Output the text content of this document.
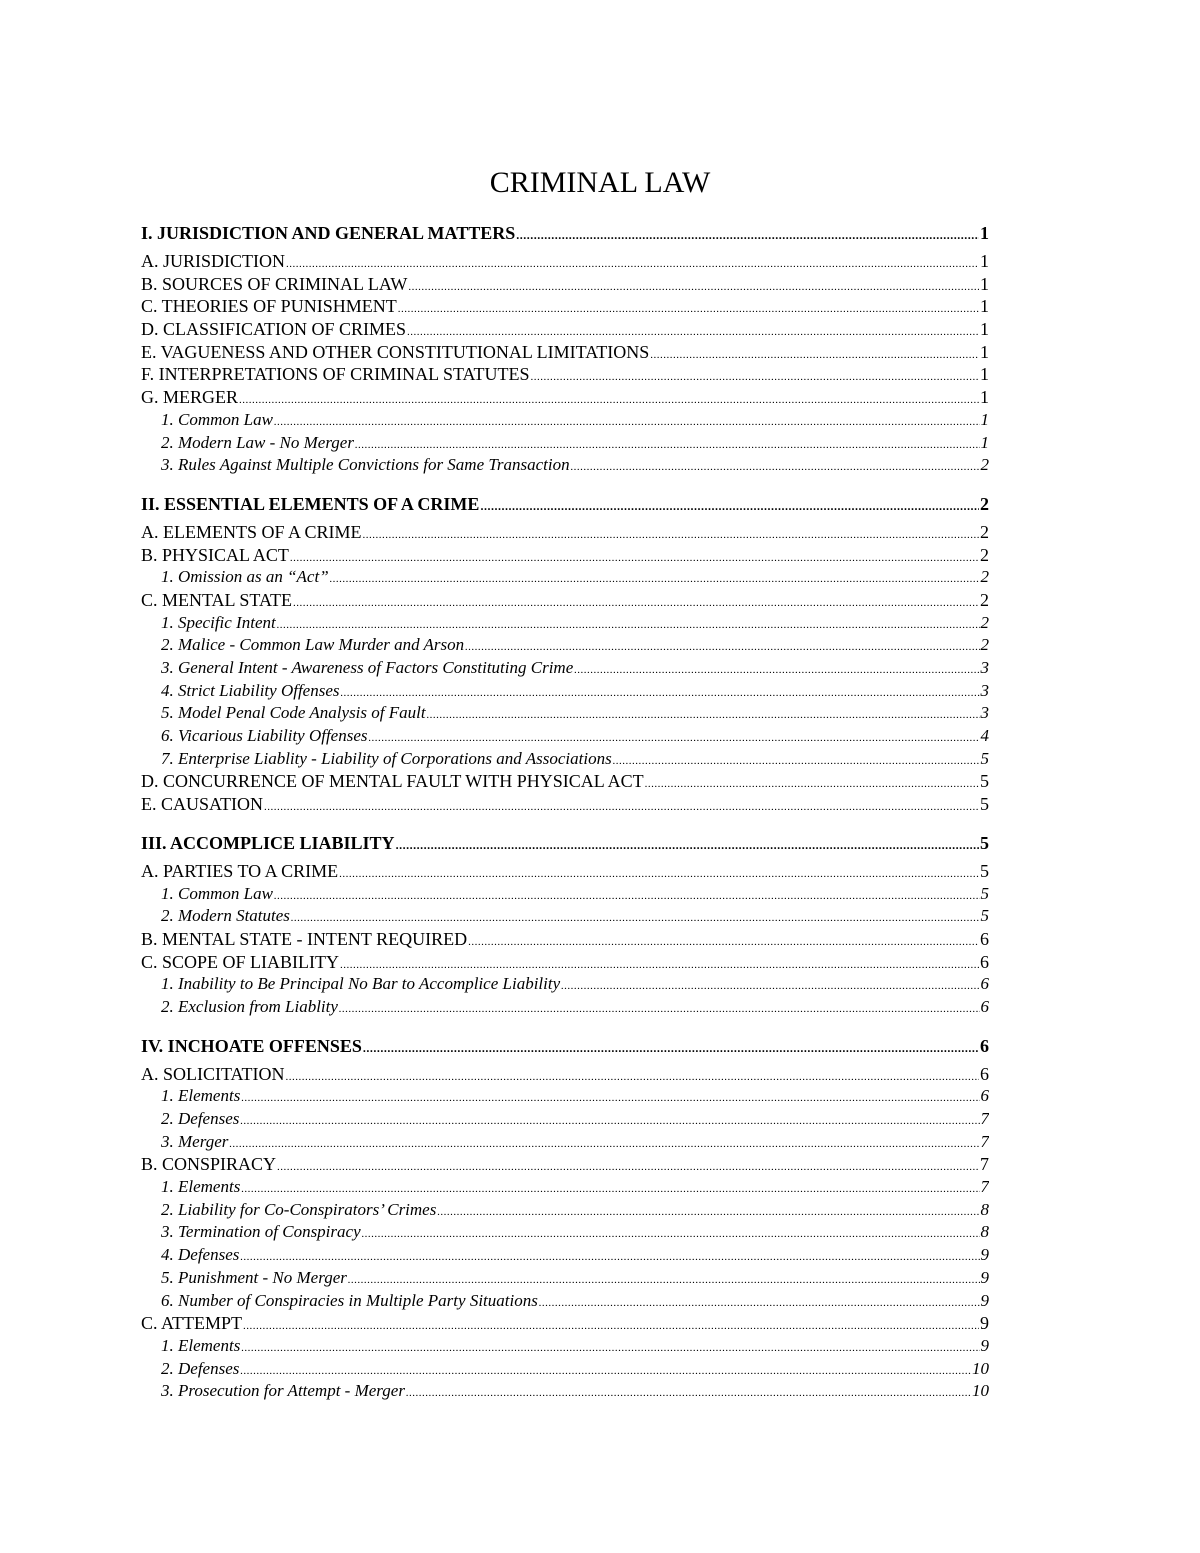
CRIMINAL LAW
I. JURISDICTION AND GENERAL MATTERS .....	1
A. JURISDICTION .....	1
B. SOURCES OF CRIMINAL LAW .....	1
C. THEORIES OF PUNISHMENT .....	1
D. CLASSIFICATION OF CRIMES .....	1
E. VAGUENESS AND OTHER CONSTITUTIONAL LIMITATIONS .....	1
F. INTERPRETATIONS OF CRIMINAL STATUTES .....	1
G. MERGER .....	1
1. Common Law .....	1
2. Modern Law - No Merger .....	1
3. Rules Against Multiple Convictions for Same Transaction .....	2
II. ESSENTIAL ELEMENTS OF A CRIME .....	2
A. ELEMENTS OF A CRIME .....	2
B. PHYSICAL ACT .....	2
1. Omission as an “Act” .....	2
C. MENTAL STATE .....	2
1. Specific Intent .....	2
2. Malice - Common Law Murder and Arson .....	2
3. General Intent - Awareness of Factors Constituting Crime .....	3
4. Strict Liability Offenses .....	3
5. Model Penal Code Analysis of Fault .....	3
6. Vicarious Liability Offenses .....	4
7. Enterprise Liablity - Liability of Corporations and Associations .....	5
D. CONCURRENCE OF MENTAL FAULT WITH PHYSICAL ACT .....	5
E. CAUSATION .....	5
III. ACCOMPLICE LIABILITY .....	5
A. PARTIES TO A CRIME .....	5
1. Common Law .....	5
2. Modern Statutes .....	5
B. MENTAL STATE - INTENT REQUIRED .....	6
C. SCOPE OF LIABILITY .....	6
1. Inability to Be Principal No Bar to Accomplice Liability .....	6
2. Exclusion from Liablity .....	6
IV. INCHOATE OFFENSES .....	6
A. SOLICITATION .....	6
1. Elements .....	6
2. Defenses .....	7
3. Merger .....	7
B. CONSPIRACY .....	7
1. Elements .....	7
2. Liability for Co-Conspirators’ Crimes .....	8
3. Termination of Conspiracy .....	8
4. Defenses .....	9
5. Punishment - No Merger .....	9
6. Number of Conspiracies in Multiple Party Situations .....	9
C. ATTEMPT .....	9
1. Elements .....	9
2. Defenses .....	10
3. Prosecution for Attempt - Merger .....	10
